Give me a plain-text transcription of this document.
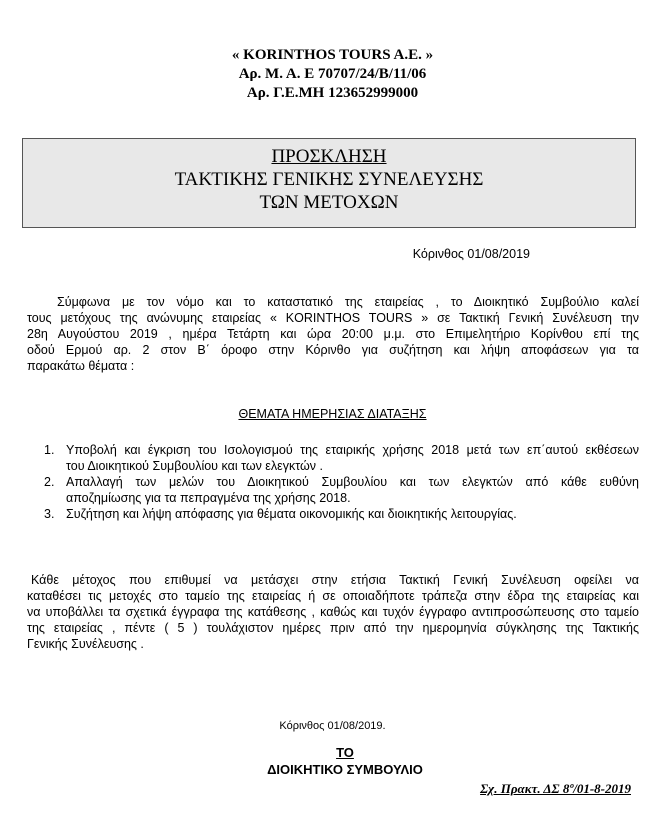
« KORINTHOS TOURS A.E. »
Αρ. Μ. Α. Ε 70707/24/Β/11/06
Αρ. Γ.Ε.ΜΗ 123652999000
ΠΡΟΣΚΛΗΣΗ
ΤΑΚΤΙΚΗΣ ΓΕΝΙΚΗΣ ΣΥΝΕΛΕΥΣΗΣ
ΤΩΝ ΜΕΤΟΧΩΝ
Κόρινθος 01/08/2019
Σύμφωνα με τον νόμο και το καταστατικό της εταιρείας , το Διοικητικό Συμβούλιο καλεί
τους μετόχους της ανώνυμης εταιρείας « KORINTHOS TOURS » σε Τακτική Γενική Συνέλευση την
28η Αυγούστου 2019 , ημέρα Τετάρτη και ώρα 20:00 μ.μ. στο Επιμελητήριο Κορίνθου επί της
οδού Ερμού αρ. 2 στον Β΄ όροφο στην Κόρινθο για συζήτηση και λήψη αποφάσεων για τα
παρακάτω θέματα :
ΘΕΜΑΤΑ ΗΜΕΡΗΣΙΑΣ ΔΙΑΤΑΞΗΣ
1. Υποβολή και έγκριση του Ισολογισμού της εταιρικής χρήσης 2018 μετά των επ΄αυτού εκθέσεων
του Διοικητικού Συμβουλίου και των ελεγκτών .
2. Απαλλαγή των μελών του Διοικητικού Συμβουλίου και των ελεγκτών από κάθε ευθύνη
αποζημίωσης για τα πεπραγμένα της χρήσης 2018.
3. Συζήτηση και λήψη απόφασης για θέματα οικονομικής και διοικητικής λειτουργίας.
Κάθε μέτοχος που επιθυμεί να μετάσχει στην ετήσια Τακτική Γενική Συνέλευση οφείλει να
καταθέσει τις μετοχές στο ταμείο της εταιρείας ή σε οποιαδήποτε τράπεζα στην έδρα της εταιρείας και
να υποβάλλει τα σχετικά έγγραφα της κατάθεσης , καθώς και τυχόν έγγραφο αντιπροσώπευσης στο ταμείο
της εταιρείας , πέντε ( 5 ) τουλάχιστον ημέρες πριν από την ημερομηνία σύγκλησης της Τακτικής
Γενικής Συνέλευσης .
Κόρινθος 01/08/2019.
ΤΟ
ΔΙΟΙΚΗΤΙΚΟ ΣΥΜΒΟΥΛΙΟ
Σχ. Πρακτ. ΔΣ 8º/01-8-2019
